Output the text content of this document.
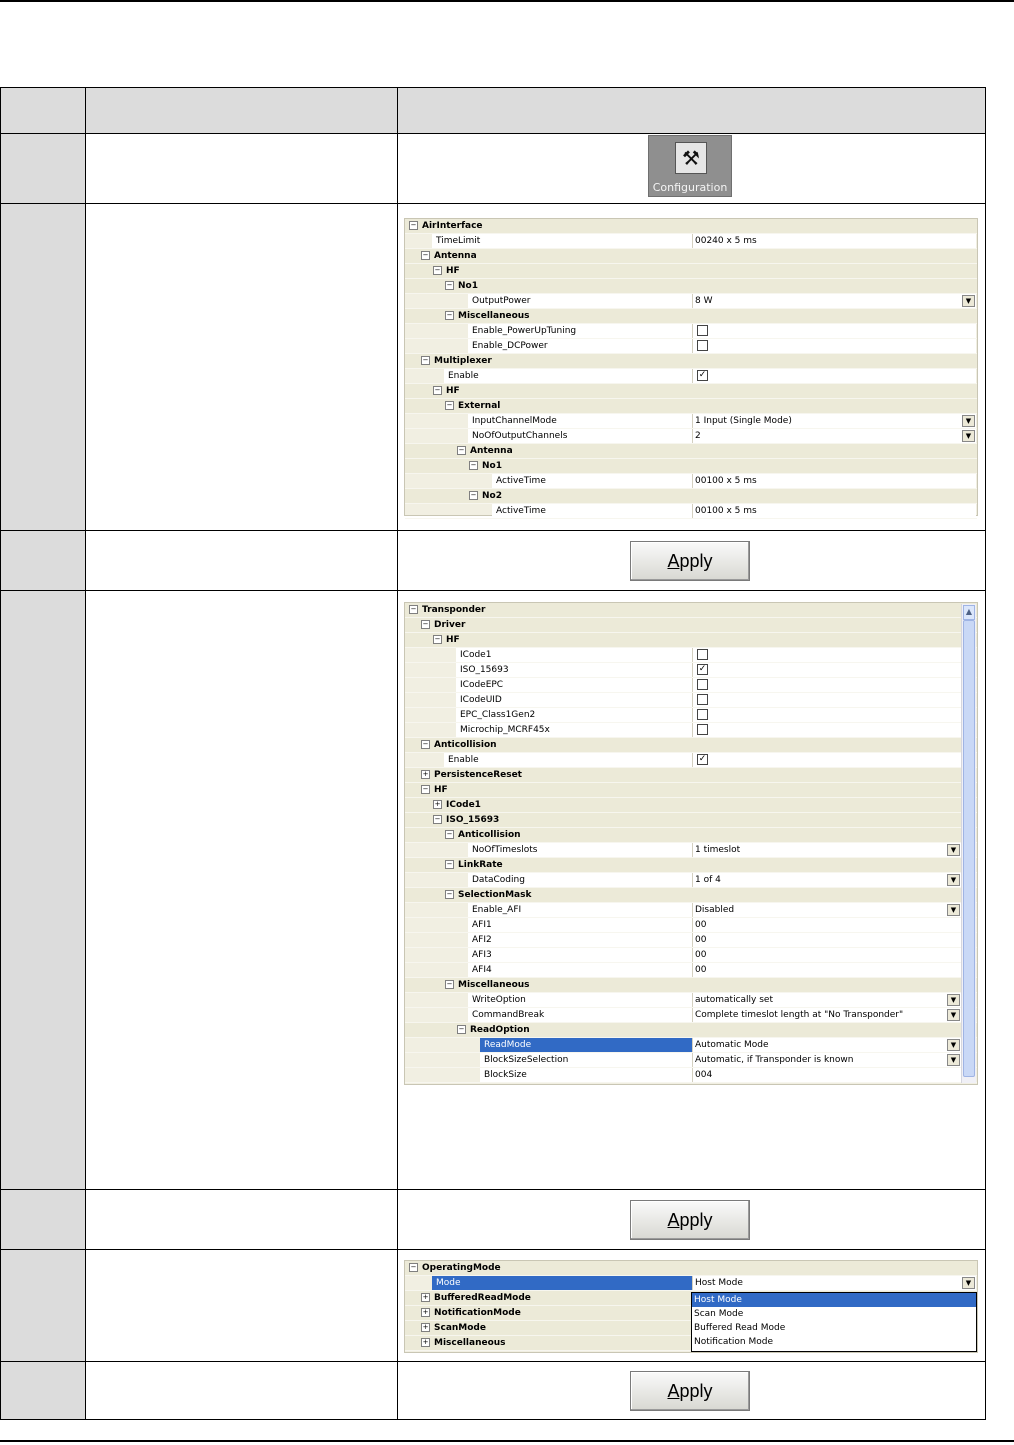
⚒
Configuration
− AirInterface
TimeLimit	00240 x 5 ms
− Antenna
− HF
− No1
OutputPower	8 W	▼
− Miscellaneous
Enable_PowerUpTuning
Enable_DCPower
− Multiplexer
Enable	✓
− HF
− External
InputChannelMode	1 Input (Single Mode)	▼
NoOfOutputChannels	2	▼
− Antenna
− No1
ActiveTime	00100 x 5 ms
− No2
ActiveTime	00100 x 5 ms
Apply
− Transponder
− Driver
− HF
ICode1
ISO_15693	✓
ICodeEPC
ICodeUID
EPC_Class1Gen2
Microchip_MCRF45x
− Anticollision
Enable	✓
+ PersistenceReset
− HF
+ ICode1
− ISO_15693
− Anticollision
NoOfTimeslots	1 timeslot	▼
− LinkRate
DataCoding	1 of 4	▼
− SelectionMask
Enable_AFI	Disabled	▼
AFI1	00
AFI2	00
AFI3	00
AFI4	00
− Miscellaneous
WriteOption	automatically set	▼
CommandBreak	Complete timeslot length at "No Transponder"	▼
− ReadOption
ReadMode	Automatic Mode	▼
BlockSizeSelection	Automatic, if Transponder is known	▼
BlockSize	004
▲
Apply
− OperatingMode
Mode	Host Mode	▼
+ BufferedReadMode
+ NotificationMode
+ ScanMode
+ Miscellaneous
Host Mode
Scan Mode
Buffered Read Mode
Notification Mode
Apply
